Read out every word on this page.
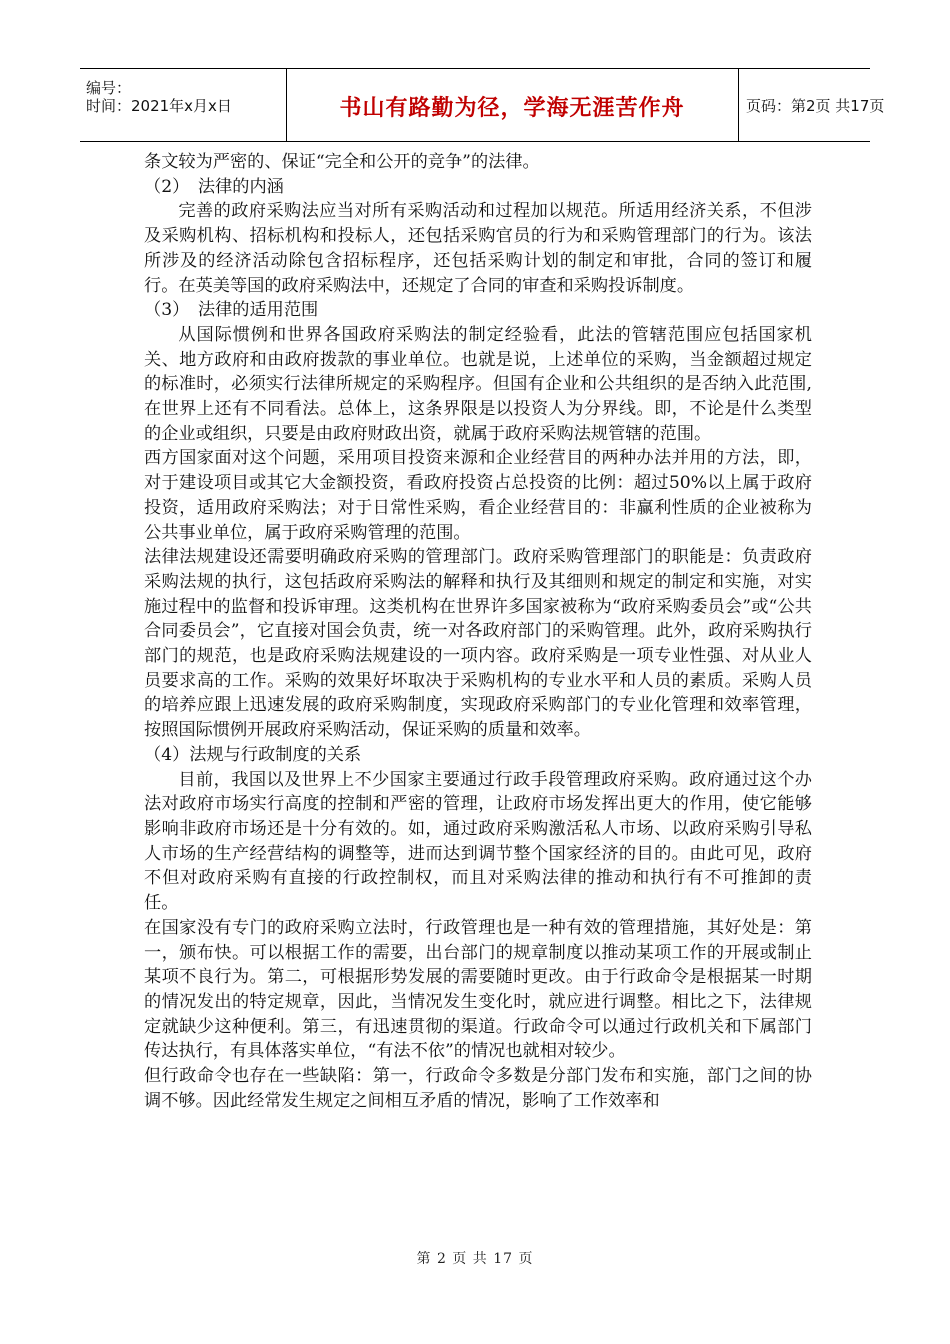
编号：
时间：2021年x月x日	书山有路勤为径，学海无涯苦作舟	页码：第2页 共17页

条文较为严密的、保证“完全和公开的竞争”的法律。

（2）　法律的内涵

完善的政府采购法应当对所有采购活动和过程加以规范。所适用经济关系，不但涉及采购机构、招标机构和投标人，还包括采购官员的行为和采购管理部门的行为。该法所涉及的经济活动除包含招标程序，还包括采购计划的制定和审批，合同的签订和履行。在英美等国的政府采购法中，还规定了合同的审查和采购投诉制度。

（3）　法律的适用范围

从国际惯例和世界各国政府采购法的制定经验看，此法的管辖范围应包括国家机关、地方政府和由政府拨款的事业单位。也就是说，上述单位的采购，当金额超过规定的标准时，必须实行法律所规定的采购程序。但国有企业和公共组织的是否纳入此范围,在世界上还有不同看法。总体上，这条界限是以投资人为分界线。即，不论是什么类型的企业或组织，只要是由政府财政出资，就属于政府采购法规管辖的范围。

西方国家面对这个问题，采用项目投资来源和企业经营目的两种办法并用的方法，即，对于建设项目或其它大金额投资，看政府投资占总投资的比例：超过50%以上属于政府投资，适用政府采购法；对于日常性采购，看企业经营目的：非赢利性质的企业被称为公共事业单位，属于政府采购管理的范围。

法律法规建设还需要明确政府采购的管理部门。政府采购管理部门的职能是：负责政府采购法规的执行，这包括政府采购法的解释和执行及其细则和规定的制定和实施，对实施过程中的监督和投诉审理。这类机构在世界许多国家被称为“政府采购委员会”或“公共合同委员会”，它直接对国会负责，统一对各政府部门的采购管理。此外，政府采购执行部门的规范，也是政府采购法规建设的一项内容。政府采购是一项专业性强、对从业人员要求高的工作。采购的效果好坏取决于采购机构的专业水平和人员的素质。采购人员的培养应跟上迅速发展的政府采购制度，实现政府采购部门的专业化管理和效率管理，按照国际惯例开展政府采购活动，保证采购的质量和效率。

（4）法规与行政制度的关系

目前，我国以及世界上不少国家主要通过行政手段管理政府采购。政府通过这个办法对政府市场实行高度的控制和严密的管理，让政府市场发挥出更大的作用，使它能够影响非政府市场还是十分有效的。如，通过政府采购激活私人市场、以政府采购引导私人市场的生产经营结构的调整等，进而达到调节整个国家经济的目的。由此可见，政府不但对政府采购有直接的行政控制权，而且对采购法律的推动和执行有不可推卸的责任。

在国家没有专门的政府采购立法时，行政管理也是一种有效的管理措施，其好处是：第一，颁布快。可以根据工作的需要，出台部门的规章制度以推动某项工作的开展或制止某项不良行为。第二，可根据形势发展的需要随时更改。由于行政命令是根据某一时期的情况发出的特定规章，因此，当情况发生变化时，就应进行调整。相比之下，法律规定就缺少这种便利。第三，有迅速贯彻的渠道。行政命令可以通过行政机关和下属部门传达执行，有具体落实单位，“有法不依”的情况也就相对较少。

但行政命令也存在一些缺陷：第一，行政命令多数是分部门发布和实施，部门之间的协调不够。因此经常发生规定之间相互矛盾的情况，影响了工作效率和

第 2 页 共 17 页
